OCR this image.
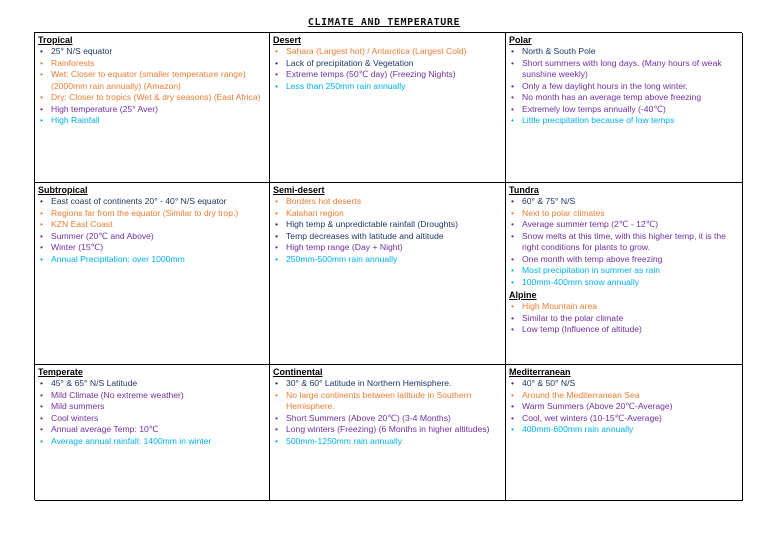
CLIMATE AND TEMPERATURE
Tropical
• 25° N/S equator
• Rainforests
• Wet: Closer to equator (smaller temperature range) (2000mm rain annually) (Amazon)
• Dry: Closer to tropics (Wet & dry seasons) (East Africa)
• High temperature (25° Aver)
• High Rainfall
Desert
• Sahara (Largest hot) / Antarctica (Largest Cold)
• Lack of precipitation & Vegetation
• Extreme temps (50℃ day) (Freezing Nights)
• Less than 250mm rain annually
Polar
• North & South Pole
• Short summers with long days. (Many hours of weak sunshine weekly)
• Only a few daylight hours in the long winter.
• No month has an average temp above freezing
• Extremely low temps annually (-40℃)
• Little precipitation because of low temps
Subtropical
• East coast of continents 20° - 40° N/S equator
• Regions far from the equator (Similar to dry trop.)
• KZN East Coast
• Summer (20℃ and Above)
• Winter (15℃)
• Annual Precipitation: over 1000mm
Semi-desert
• Borders hot deserts
• Kalahari region
• High temp & unpredictable rainfall (Droughts)
• Temp decreases with latitude and altitude
• High temp range (Day + Night)
• 250mm-500mm rain annually
Tundra
• 60° & 75° N/S
• Next to polar climates
• Average summer temp (2℃ - 12℃)
• Snow melts at this time, with this higher temp, it is the right conditions for plants to grow.
• One month with temp above freezing
• Most precipitation in summer as rain
• 100mm-400mm snow annually
Alpine
• High Mountain area
• Similar to the polar climate
• Low temp (Influence of altitude)
Temperate
• 45° & 65° N/S Latitude
• Mild Climate (No extreme weather)
• Mild summers
• Cool winters
• Annual average Temp: 10℃
• Average annual rainfall: 1400mm in winter
Continental
• 30° & 60° Latitude in Northern Hemisphere.
• No large continents between latitude in Southern Hemisphere.
• Short Summers (Above 20℃) (3-4 Months)
• Long winters (Freezing) (6 Months in higher altitudes)
• 500mm-1250mm rain annually
Mediterranean
• 40° & 50° N/S
• Around the Mediterranean Sea
• Warm Summers (Above 20℃-Average)
• Cool, wet winters (10-15℃-Average)
• 400mm-600mm rain annually
